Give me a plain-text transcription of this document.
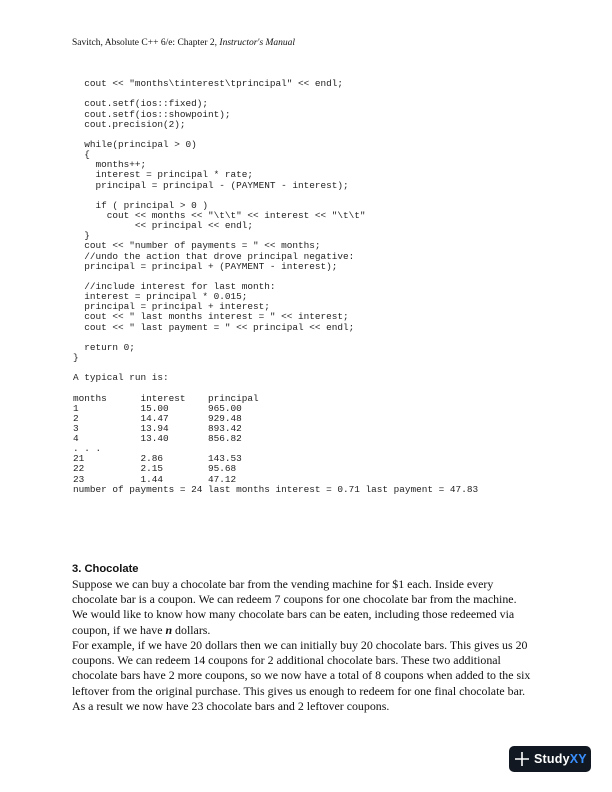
Savitch, Absolute C++ 6/e: Chapter 2, Instructor's Manual
cout << "months\tinterest\tprincipal" << endl;
cout.setf(ios::fixed);
cout.setf(ios::showpoint);
cout.precision(2);
while(principal > 0)
{
months++;
interest = principal * rate;
principal = principal - (PAYMENT - interest);
if ( principal > 0 )
cout << months << "\t\t" << interest << "\t\t"
<< principal << endl;
}
cout << "number of payments = " << months;
//undo the action that drove principal negative:
principal = principal + (PAYMENT - interest);
//include interest for last month:
interest = principal * 0.015;
principal = principal + interest;
cout << " last months interest = " << interest;
cout << " last payment = " << principal << endl;
return 0;
}
A typical run is:
months      interest    principal
1           15.00       965.00
2           14.47       929.48
3           13.94       893.42
4           13.40       856.82
. . .
21          2.86        143.53
22          2.15        95.68
23          1.44        47.12
number of payments = 24 last months interest = 0.71 last payment = 47.83
3. Chocolate
Suppose we can buy a chocolate bar from the vending machine for $1 each. Inside every
chocolate bar is a coupon. We can redeem 7 coupons for one chocolate bar from the machine.
We would like to know how many chocolate bars can be eaten, including those redeemed via
coupon, if we have n dollars.
For example, if we have 20 dollars then we can initially buy 20 chocolate bars. This gives us 20
coupons. We can redeem 14 coupons for 2 additional chocolate bars. These two additional
chocolate bars have 2 more coupons, so we now have a total of 8 coupons when added to the six
leftover from the original purchase. This gives us enough to redeem for one final chocolate bar.
As a result we now have 23 chocolate bars and 2 leftover coupons.
StudyXY
